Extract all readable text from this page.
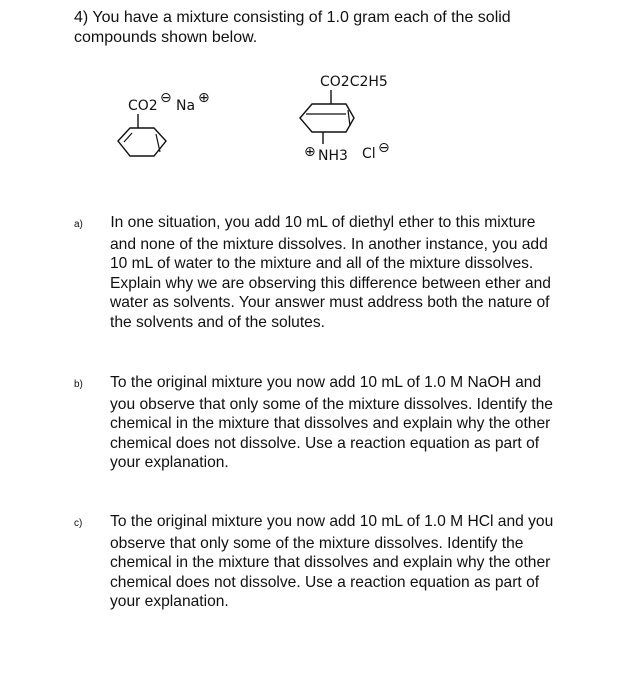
4) You have a mixture consisting of 1.0 gram each of the solid compounds shown below.
CO2 ⊖ Na ⊕
CO2C2H5
⊕ NH3 Cl ⊖
a) In one situation, you add 10 mL of diethyl ether to this mixture and none of the mixture dissolves. In another instance, you add 10 mL of water to the mixture and all of the mixture dissolves. Explain why we are observing this difference between ether and water as solvents. Your answer must address both the nature of the solvents and of the solutes.
b) To the original mixture you now add 10 mL of 1.0 M NaOH and you observe that only some of the mixture dissolves. Identify the chemical in the mixture that dissolves and explain why the other chemical does not dissolve. Use a reaction equation as part of your explanation.
c) To the original mixture you now add 10 mL of 1.0 M HCl and you observe that only some of the mixture dissolves. Identify the chemical in the mixture that dissolves and explain why the other chemical does not dissolve. Use a reaction equation as part of your explanation.
